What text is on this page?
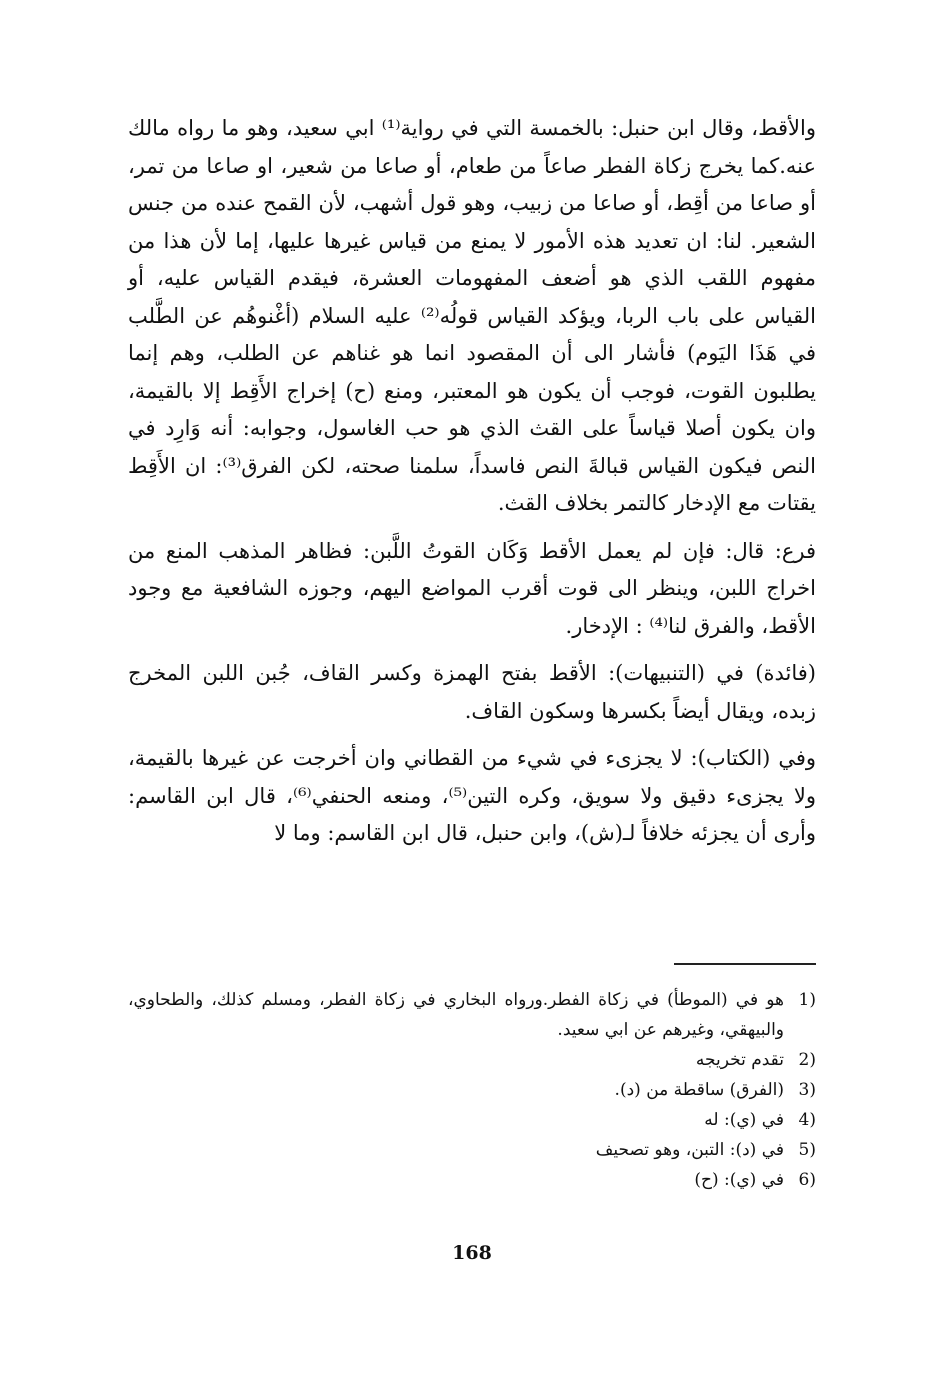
والأقط، وقال ابن حنبل: بالخمسة التي في رواية⁽¹⁾ ابي سعيد، وهو ما رواه مالك عنه.كما يخرج زكاة الفطر صاعاً من طعام، أو صاعا من شعير، او صاعا من تمر، أو صاعا من أقِط، أو صاعا من زبيب، وهو قول أشهب، لأن القمح عنده من جنس الشعير. لنا: ان تعديد هذه الأمور لا يمنع من قياس غيرها عليها، إما لأن هذا من مفهوم اللقب الذي هو أضعف المفهومات العشرة، فيقدم القياس عليه، أو القياس على باب الربا، ويؤكد القياس قولُه⁽²⁾ عليه السلام (أغْنوهُم عن الطَّلب في هَذَا اليَوم) فأشار الى أن المقصود انما هو غناهم عن الطلب، وهم إنما يطلبون القوت، فوجب أن يكون هو المعتبر، ومنع (ح) إخراج الأَقِط إلا بالقيمة، وان يكون أصلا قياساً على القث الذي هو حب الغاسول، وجوابه: أنه وَارِد في النص فيكون القياس قبالةَ النص فاسداً، سلمنا صحته، لكن الفرق⁽³⁾: ان الأَقِط يقتات مع الإدخار كالتمر بخلاف القث.

فرع: قال: فإن لم يعمل الأقط وَكَان القوتُ اللَّبن: فظاهر المذهب المنع من اخراج اللبن، وينظر الى قوت أقرب المواضع اليهم، وجوزه الشافعية مع وجود الأقط، والفرق لنا⁽⁴⁾ : الإدخار.

(فائدة) في (التنبيهات): الأقط بفتح الهمزة وكسر القاف، جُبن اللبن المخرج زبده، ويقال أيضاً بكسرها وسكون القاف.

وفي (الكتاب): لا يجزىء في شيء من القطاني وان أخرجت عن غيرها بالقيمة، ولا يجزىء دقيق ولا سويق، وكره التين⁽⁵⁾، ومنعه الحنفي⁽⁶⁾، قال ابن القاسم: وأرى أن يجزئه خلافاً لـ(ش)، وابن حنبل، قال ابن القاسم: وما لا

1)
هو في (الموطأ) في زكاة الفطر.ورواه البخاري في زكاة الفطر، ومسلم كذلك، والطحاوي، والبيهقي، وغيرهم عن ابي سعيد.
2)
تقدم تخريجه
3)
(الفرق) ساقطة من (د).
4)
في (ي): له
5)
في (د): التبن، وهو تصحيف
6)
في (ي): (ح)
168
